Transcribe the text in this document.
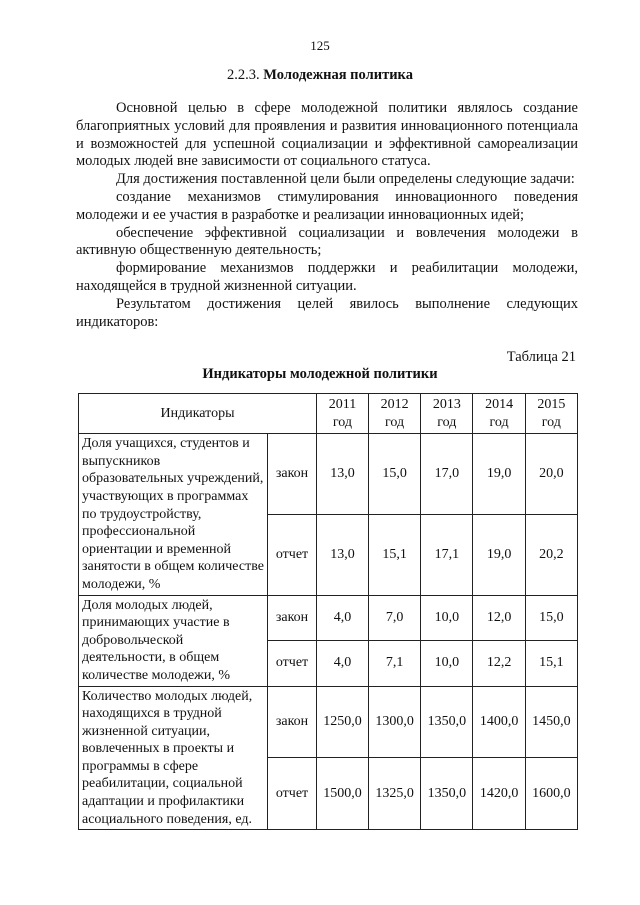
125
2.2.3. Молодежная политика

Основной целью в сфере молодежной политики являлось создание благоприятных условий для проявления и развития инновационного потенциала и возможностей для успешной социализации и эффективной самореализации молодых людей вне зависимости от социального статуса.

Для достижения поставленной цели были определены следующие задачи:

создание механизмов стимулирования инновационного поведения молодежи и ее участия в разработке и реализации инновационных идей;

обеспечение эффективной социализации и вовлечения молодежи в активную общественную деятельность;

формирование механизмов поддержки и реабилитации молодежи, находящейся в трудной жизненной ситуации.

Результатом достижения целей явилось выполнение следующих индикаторов:

Таблица 21
Индикаторы молодежной политики
Индикаторы		2011 год	2012 год	2013 год	2014 год	2015 год
Доля учащихся, студентов и выпускников образовательных учреждений, участвующих в программах по трудоустройству, профессиональной ориентации и временной занятости в общем количестве молодежи, %	закон	13,0	15,0	17,0	19,0	20,0
	отчет	13,0	15,1	17,1	19,0	20,2
Доля молодых людей, принимающих участие в добровольческой деятельности, в общем количестве молодежи, %	закон	4,0	7,0	10,0	12,0	15,0
	отчет	4,0	7,1	10,0	12,2	15,1
Количество молодых людей, находящихся в трудной жизненной ситуации, вовлеченных в проекты и программы в сфере реабилитации, социальной адаптации и профилактики асоциального поведения, ед.	закон	1250,0	1300,0	1350,0	1400,0	1450,0
	отчет	1500,0	1325,0	1350,0	1420,0	1600,0
